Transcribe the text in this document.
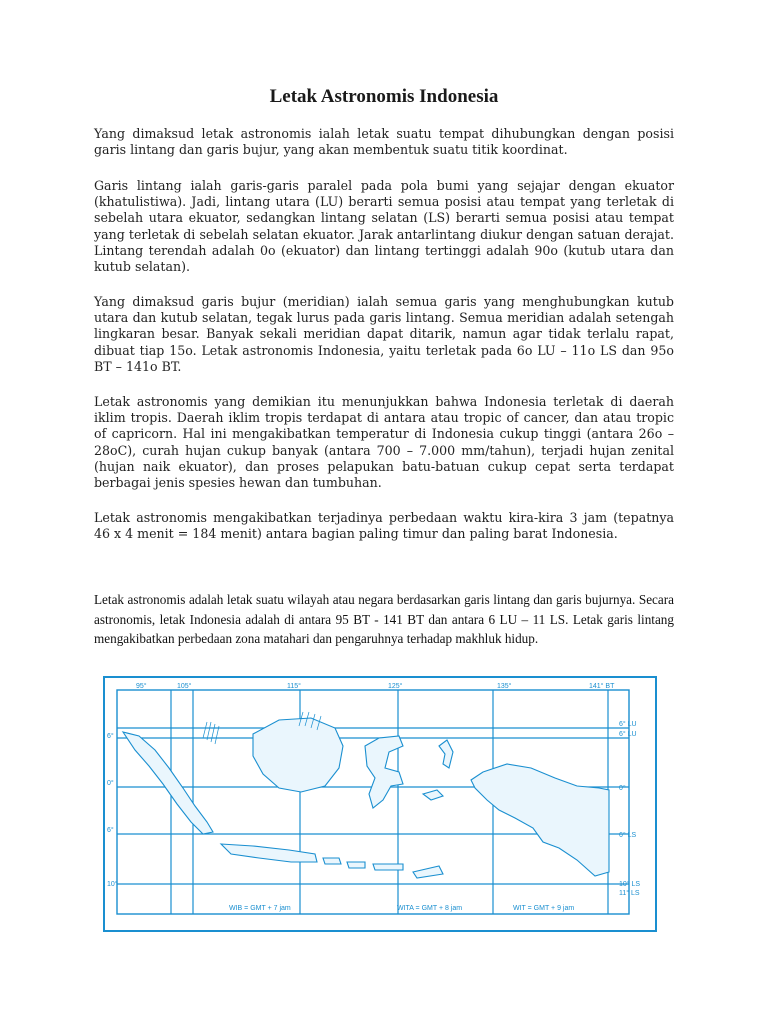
Letak Astronomis Indonesia

Yang dimaksud letak astronomis ialah letak suatu tempat dihubungkan dengan posisi garis lintang dan garis bujur, yang akan membentuk suatu titik koordinat.

Garis lintang ialah garis-garis paralel pada pola bumi yang sejajar dengan ekuator (khatulistiwa). Jadi, lintang utara (LU) berarti semua posisi atau tempat yang terletak di sebelah utara ekuator, sedangkan lintang selatan (LS) berarti semua posisi atau tempat yang terletak di sebelah selatan ekuator. Jarak antarlintang diukur dengan satuan derajat. Lintang terendah adalah 0o (ekuator) dan lintang tertinggi adalah 90o (kutub utara dan kutub selatan).

Yang dimaksud garis bujur (meridian) ialah semua garis yang menghubungkan kutub utara dan kutub selatan, tegak lurus pada garis lintang. Semua meridian adalah setengah lingkaran besar. Banyak sekali meridian dapat ditarik, namun agar tidak terlalu rapat, dibuat tiap 15o. Letak astronomis Indonesia, yaitu terletak pada 6o LU – 11o LS dan 95o BT – 141o BT.

Letak astronomis yang demikian itu menunjukkan bahwa Indonesia terletak di daerah iklim tropis. Daerah iklim tropis terdapat di antara atau tropic of cancer, dan atau tropic of capricorn. Hal ini mengakibatkan temperatur di Indonesia cukup tinggi (antara 26o – 28oC), curah hujan cukup banyak (antara 700 – 7.000 mm/tahun), terjadi hujan zenital (hujan naik ekuator), dan proses pelapukan batu-batuan cukup cepat serta terdapat berbagai jenis spesies hewan dan tumbuhan.

Letak astronomis mengakibatkan terjadinya perbedaan waktu kira-kira 3 jam (tepatnya 46 x 4 menit = 184 menit) antara bagian paling timur dan paling barat Indonesia.

Letak astronomis adalah letak suatu wilayah atau negara berdasarkan garis lintang dan garis bujurnya. Secara astronomis, letak Indonesia adalah di antara 95 BT - 141 BT dan antara 6 LU – 11 LS. Letak garis lintang mengakibatkan perbedaan zona matahari dan pengaruhnya terhadap makhluk hidup.

95°	105°	115°	125°	135°	141° BT
6° LU
6° LU
0°
6° LS
10° LS
11° LS
6°
0°
6°
10°
WIB = GMT + 7 jam	WITA = GMT + 8 jam	WIT = GMT + 9 jam
